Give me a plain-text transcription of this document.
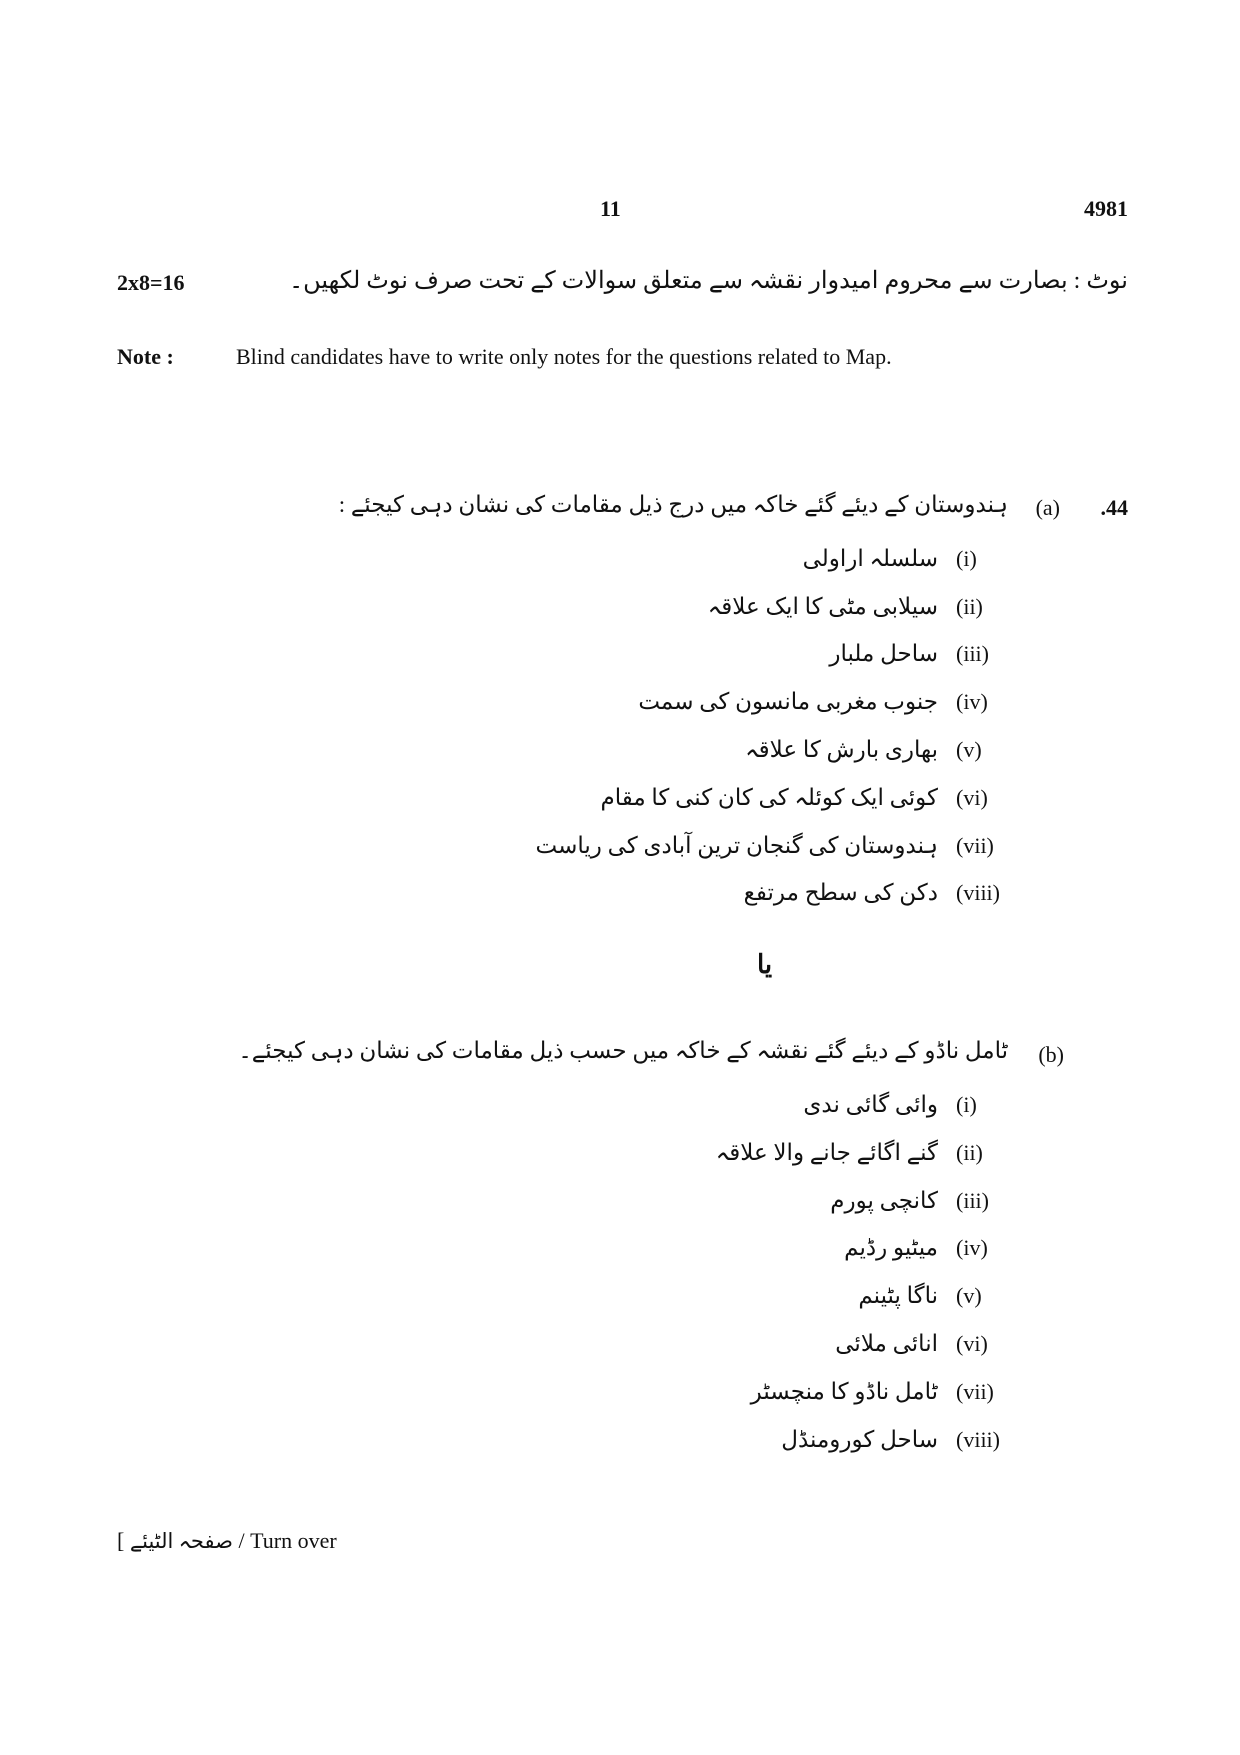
11	4981
2x8=16	نوٹ : بصارت سے محروم امیدوار نقشہ سے متعلق سوالات کے تحت صرف نوٹ لکھیں۔
Note :	Blind candidates have to write only notes for the questions related to Map.
.44
(a)
ہندوستان کے دیئے گئے خاکہ میں درج ذیل مقامات کی نشان دہی کیجئے :
(i)
سلسلہ اراولی
(ii)
سیلابی مٹی کا ایک علاقہ
(iii)
ساحل ملبار
(iv)
جنوب مغربی مانسون کی سمت
(v)
بھاری بارش کا علاقہ
(vi)
کوئی ایک کوئلہ کی کان کنی کا مقام
(vii)
ہندوستان کی گنجان ترین آبادی کی ریاست
(viii)
دکن کی سطح مرتفع
یا
(b)
ٹامل ناڈو کے دیئے گئے نقشہ کے خاکہ میں حسب ذیل مقامات کی نشان دہی کیجئے۔
(i)
وائی گائی ندی
(ii)
گنے اگائے جانے والا علاقہ
(iii)
کانچی پورم
(iv)
میٹیو رڈیم
(v)
ناگا پٹینم
(vi)
انائی ملائی
(vii)
ٹامل ناڈو کا منچسٹر
(viii)
ساحل کورومنڈل
[ صفحہ الٹیئے / Turn over
